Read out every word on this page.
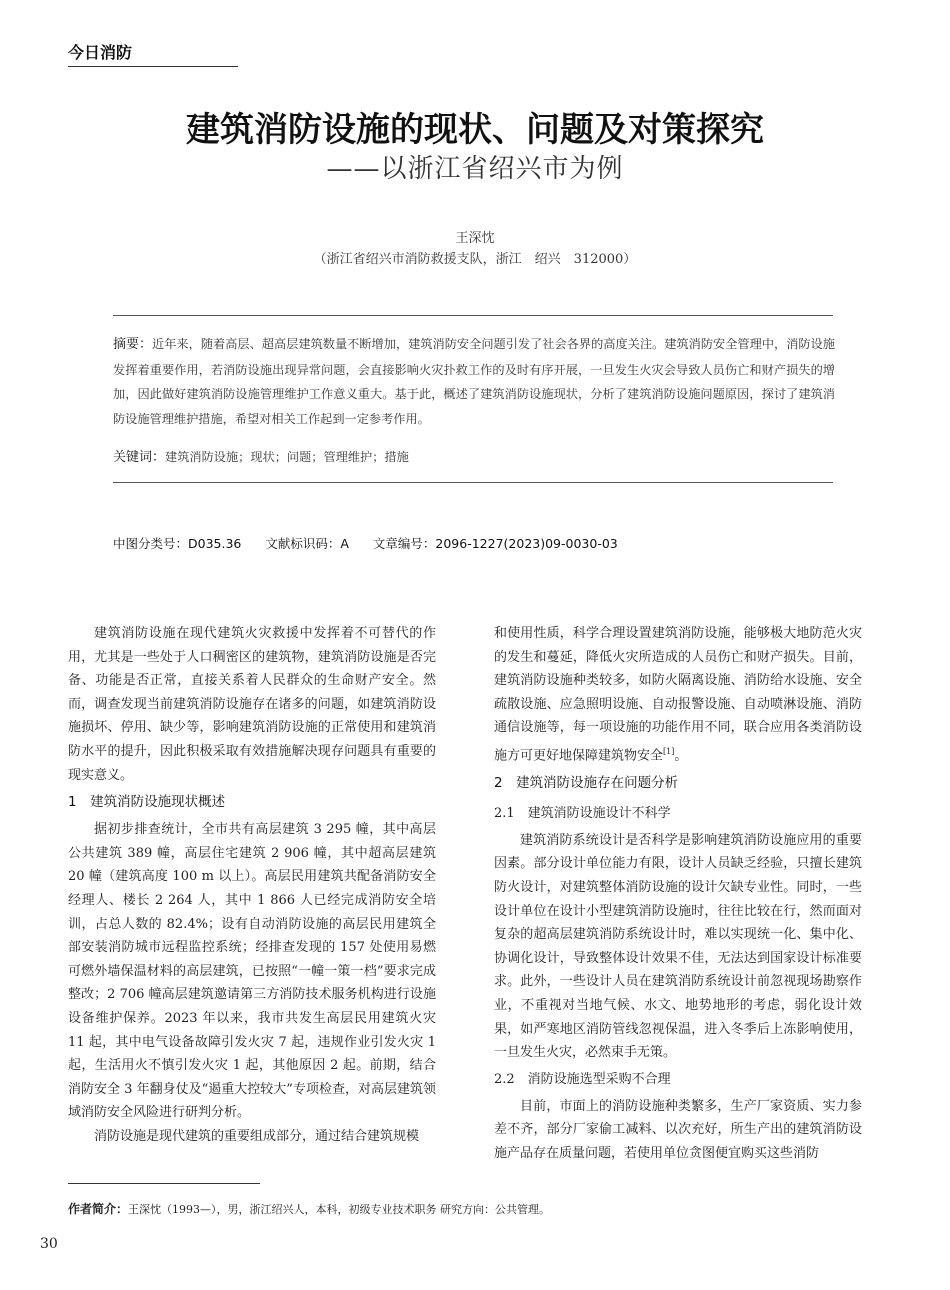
今日消防
建筑消防设施的现状、问题及对策探究
——以浙江省绍兴市为例
王深忱
（浙江省绍兴市消防救援支队，浙江　绍兴　312000）
摘要：近年来，随着高层、超高层建筑数量不断增加，建筑消防安全问题引发了社会各界的高度关注。建筑消防安全管理中，消防设施发挥着重要作用，若消防设施出现异常问题，会直接影响火灾扑救工作的及时有序开展，一旦发生火灾会导致人员伤亡和财产损失的增加，因此做好建筑消防设施管理维护工作意义重大。基于此，概述了建筑消防设施现状，分析了建筑消防设施问题原因，探讨了建筑消防设施管理维护措施，希望对相关工作起到一定参考作用。
关键词：建筑消防设施；现状；问题；管理维护；措施
中图分类号：D035.36 文献标识码：A 文章编号：2096-1227(2023)09-0030-03

建筑消防设施在现代建筑火灾救援中发挥着不可替代的作用，尤其是一些处于人口稠密区的建筑物，建筑消防设施是否完备、功能是否正常，直接关系着人民群众的生命财产安全。然而，调查发现当前建筑消防设施存在诸多的问题，如建筑消防设施损坏、停用、缺少等，影响建筑消防设施的正常使用和建筑消防水平的提升，因此积极采取有效措施解决现存问题具有重要的现实意义。

1　建筑消防设施现状概述

据初步排查统计，全市共有高层建筑 3 295 幢，其中高层公共建筑 389 幢，高层住宅建筑 2 906 幢，其中超高层建筑 20 幢（建筑高度 100 m 以上）。高层民用建筑共配备消防安全经理人、楼长 2 264 人，其中 1 866 人已经完成消防安全培训，占总人数的 82.4%；设有自动消防设施的高层民用建筑全部安装消防城市远程监控系统；经排查发现的 157 处使用易燃可燃外墙保温材料的高层建筑，已按照“一幢一策一档”要求完成整改；2 706 幢高层建筑邀请第三方消防技术服务机构进行设施设备维护保养。2023 年以来，我市共发生高层民用建筑火灾 11 起，其中电气设备故障引发火灾 7 起，违规作业引发火灾 1 起，生活用火不慎引发火灾 1 起，其他原因 2 起。前期，结合消防安全 3 年翻身仗及“遏重大控较大”专项检查，对高层建筑领域消防安全风险进行研判分析。

消防设施是现代建筑的重要组成部分，通过结合建筑规模

和使用性质，科学合理设置建筑消防设施，能够极大地防范火灾的发生和蔓延，降低火灾所造成的人员伤亡和财产损失。目前，建筑消防设施种类较多，如防火隔离设施、消防给水设施、安全疏散设施、应急照明设施、自动报警设施、自动喷淋设施、消防通信设施等，每一项设施的功能作用不同，联合应用各类消防设施方可更好地保障建筑物安全[1]。

2　建筑消防设施存在问题分析
2.1　建筑消防设施设计不科学

建筑消防系统设计是否科学是影响建筑消防设施应用的重要因素。部分设计单位能力有限，设计人员缺乏经验，只擅长建筑防火设计，对建筑整体消防设施的设计欠缺专业性。同时，一些设计单位在设计小型建筑消防设施时，往往比较在行，然而面对复杂的超高层建筑消防系统设计时，难以实现统一化、集中化、协调化设计，导致整体设计效果不佳，无法达到国家设计标准要求。此外，一些设计人员在建筑消防系统设计前忽视现场勘察作业，不重视对当地气候、水文、地势地形的考虑，弱化设计效果，如严寒地区消防管线忽视保温，进入冬季后上冻影响使用，一旦发生火灾，必然束手无策。

2.2　消防设施选型采购不合理

目前，市面上的消防设施种类繁多，生产厂家资质、实力参差不齐，部分厂家偷工减料、以次充好，所生产出的建筑消防设施产品存在质量问题，若使用单位贪图便宜购买这些消防

作者简介：王深忱（1993—），男，浙江绍兴人，本科，初级专业技术职务 研究方向：公共管理。
30
